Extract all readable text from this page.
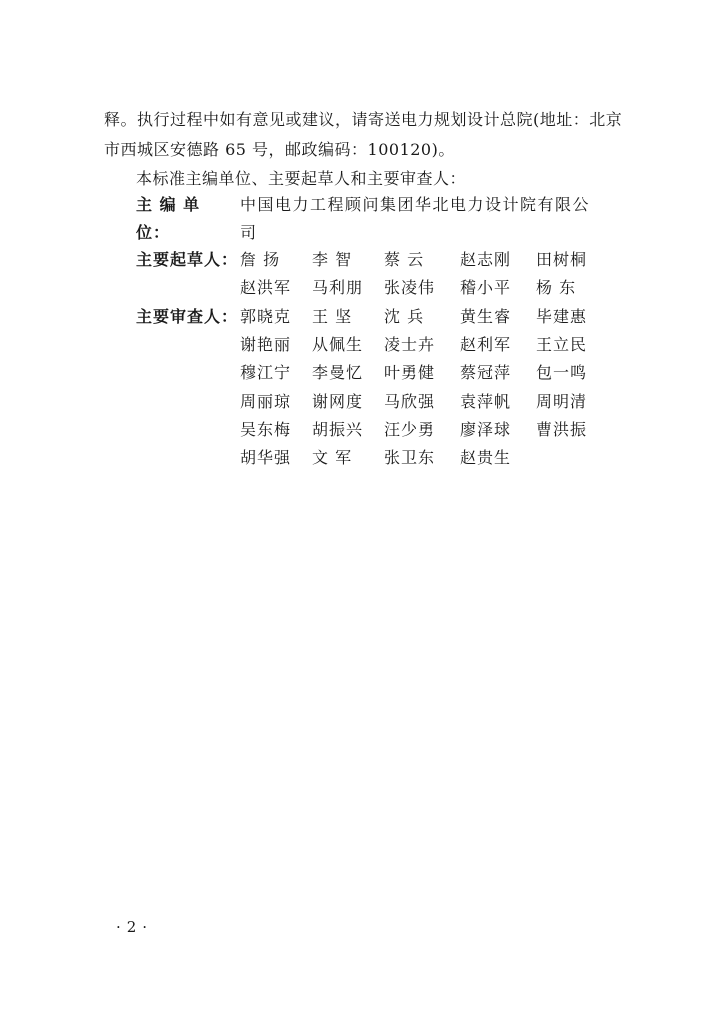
释。执行过程中如有意见或建议，请寄送电力规划设计总院(地址：北京市西城区安德路 65 号，邮政编码：100120)。
本标准主编单位、主要起草人和主要审查人：
主 编 单 位：
中国电力工程顾问集团华北电力设计院有限公
司
主要起草人： 詹 扬	李 智	蔡 云	赵志刚	田树桐
赵洪军	马利朋	张凌伟	稽小平	杨 东
主要审查人： 郭晓克	王 坚	沈 兵	黄生睿	毕建惠
谢艳丽	从佩生	凌士卉	赵利军	王立民
穆江宁	李曼忆	叶勇健	蔡冠萍	包一鸣
周丽琼	谢网度	马欣强	袁萍帆	周明清
吴东梅	胡振兴	汪少勇	廖泽球	曹洪振
胡华强	文 军	张卫东	赵贵生
·2·
